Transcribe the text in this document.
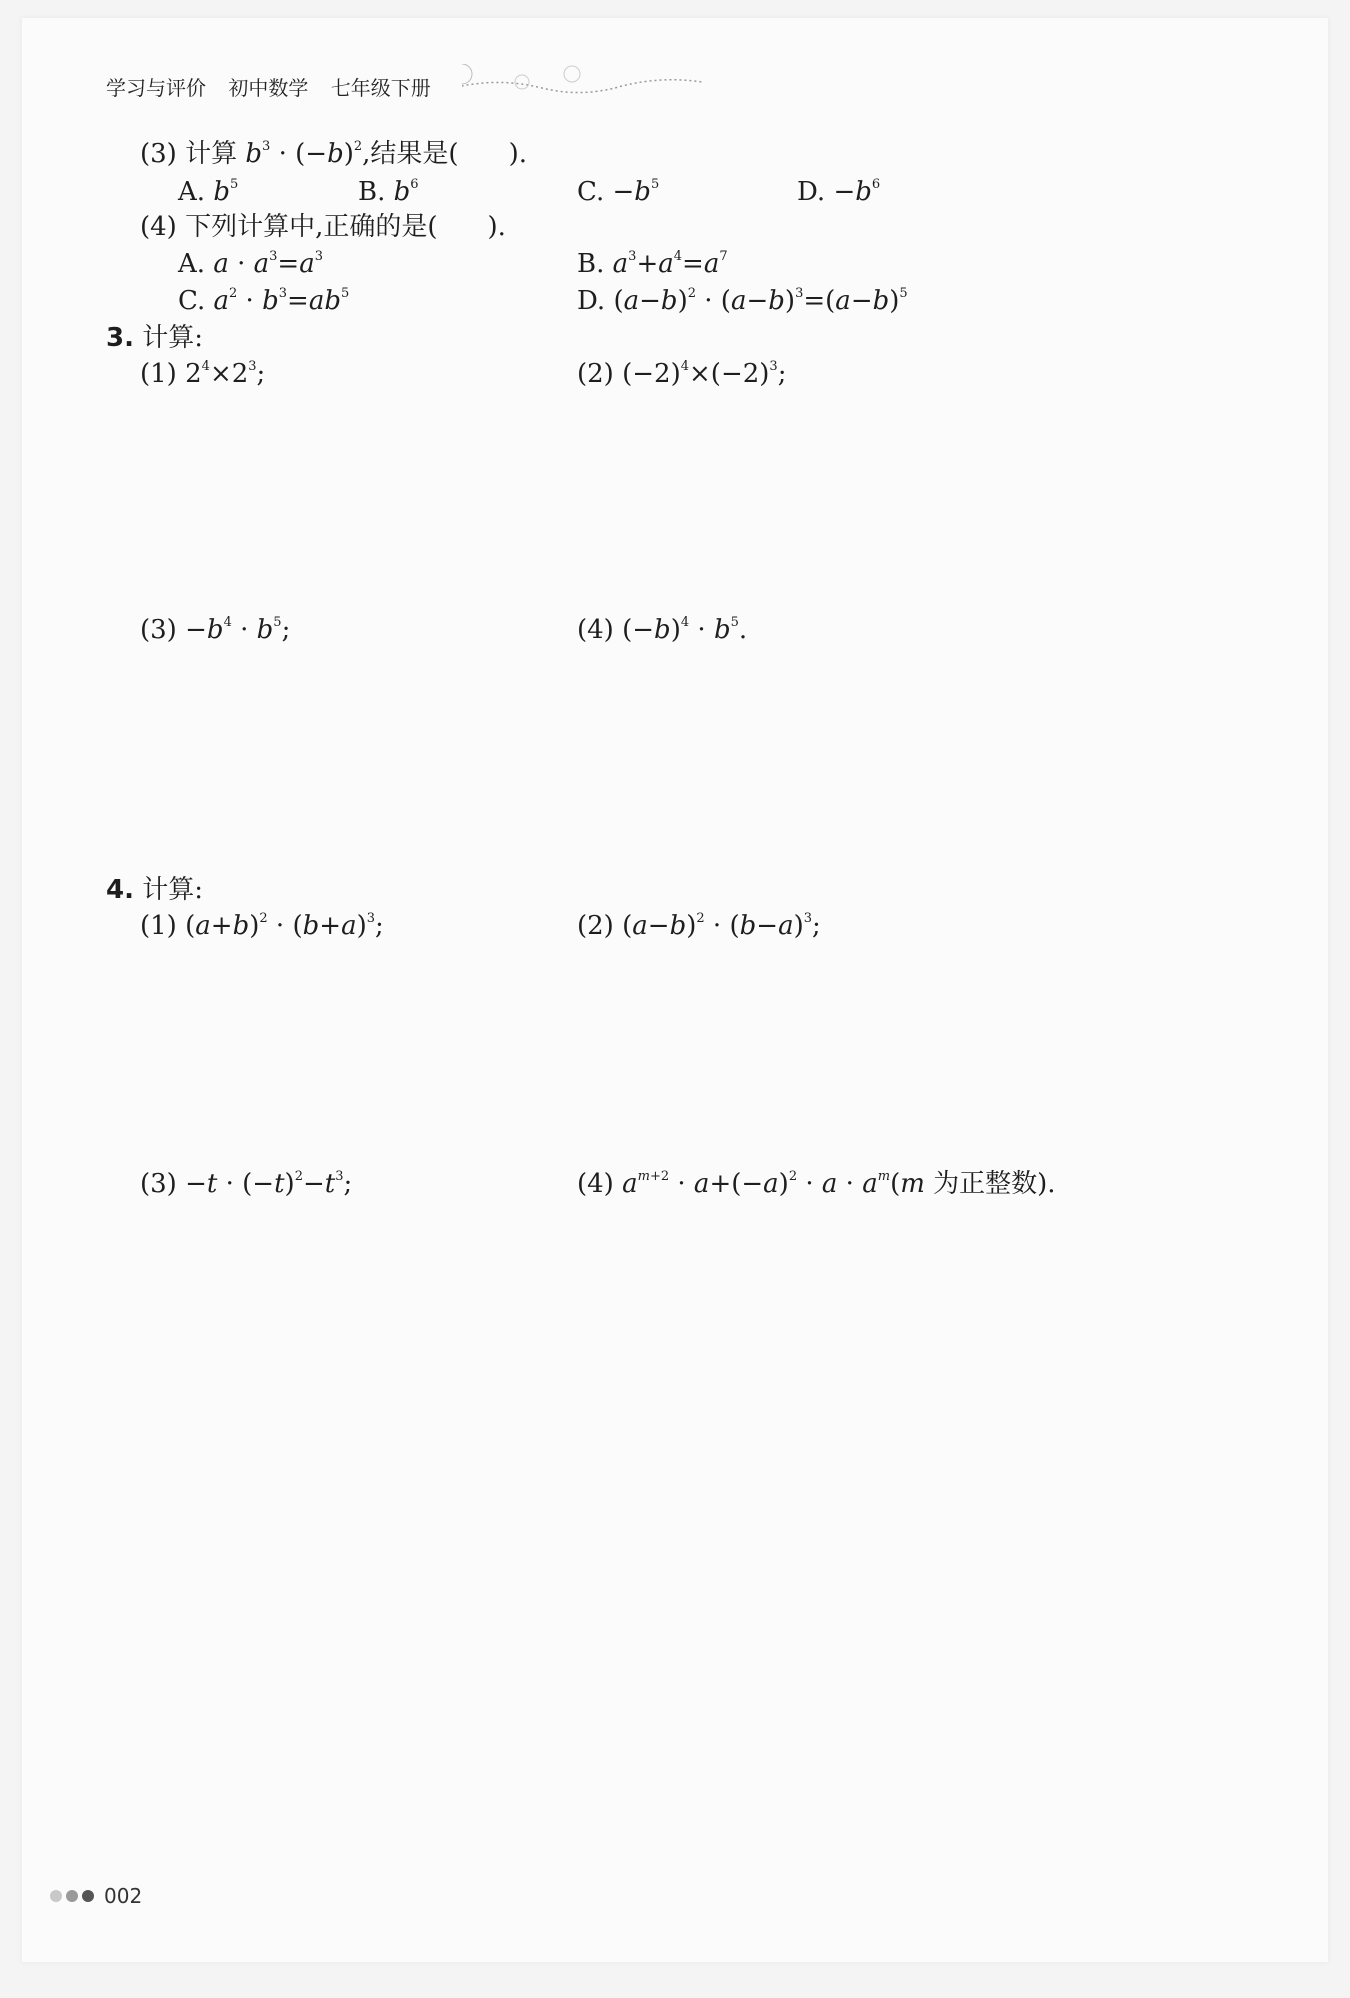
学习与评价 初中数学 七年级下册
(3) 计算 $b^3 \cdot (-b)^2$,结果是( ).
A. $b^5$	B. $b^6$	C. $-b^5$	D. $-b^6$
(4) 下列计算中,正确的是( ).
A. $a \cdot a^3=a^3$	B. $a^3+a^4=a^7$
C. $a^2 \cdot b^3=ab^5$	D. $(a-b)^2 \cdot (a-b)^3=(a-b)^5$
3. 计算:
(1) $2^4\times 2^3$;	(2) $(-2)^4\times(-2)^3$;
$(3) -b^4 \cdot b^5$;	(4) $(-b)^4 \cdot b^5$.
4. 计算:
(1) $(a+b)^2 \cdot (b+a)^3$;	(2) $(a-b)^2 \cdot (b-a)^3$;
$(3) -t \cdot (-t)^2-t^3$;	(4) $a^{m+2} \cdot a+(-a)^2 \cdot a \cdot a^m(m$ 为正整数).
002
